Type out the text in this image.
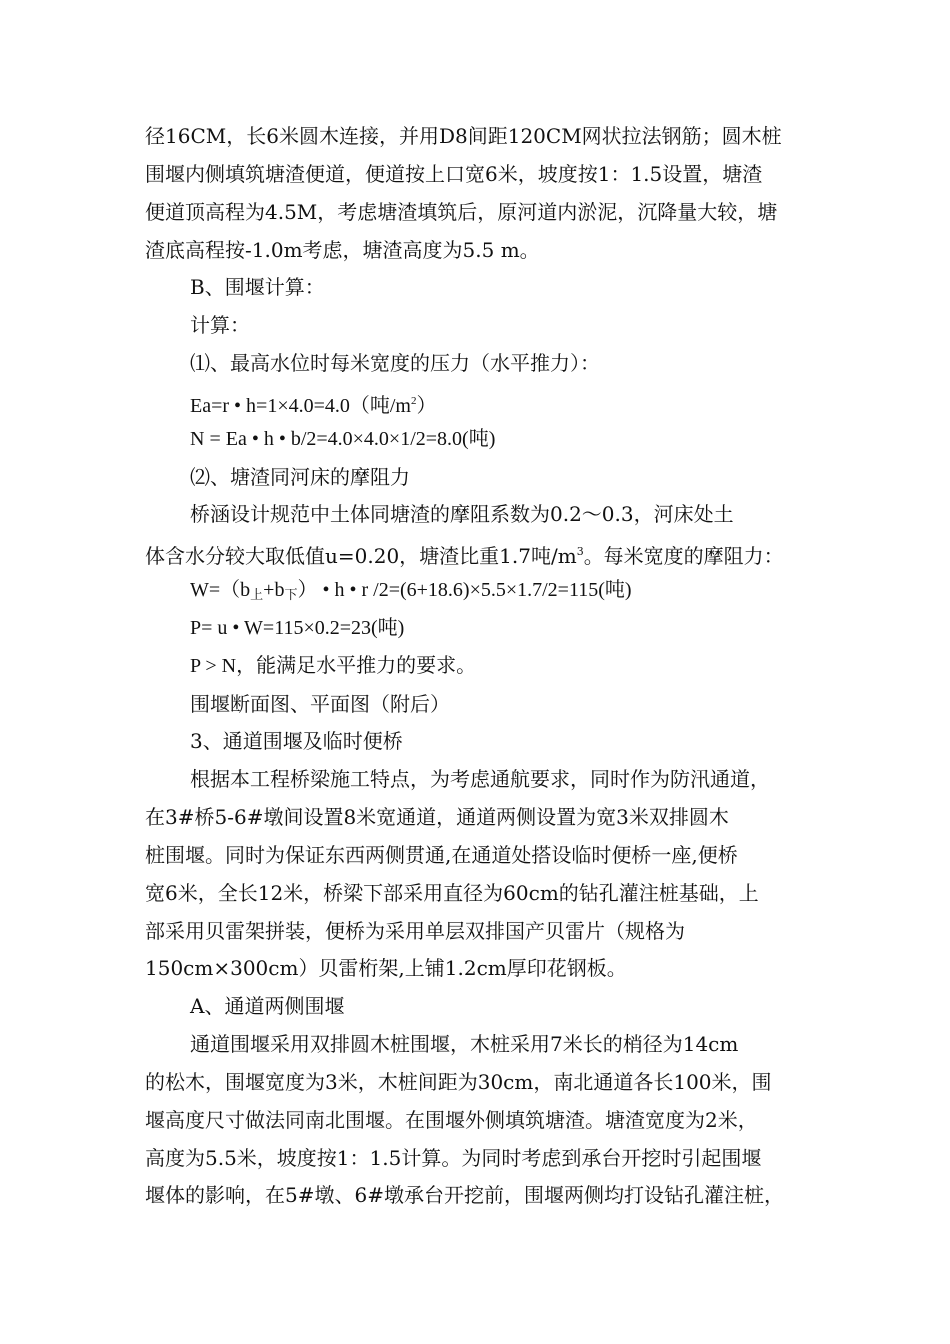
径16CM，长6米圆木连接，并用D8间距120CM网状拉法钢筋；圆木桩
围堰内侧填筑塘渣便道，便道按上口宽6米，坡度按1：1.5设置，塘渣
便道顶高程为4.5M，考虑塘渣填筑后，原河道内淤泥，沉降量大较，塘
渣底高程按-1.0m考虑，塘渣高度为5.5 m。
B、围堰计算：
计算：
⑴、最高水位时每米宽度的压力（水平推力）：
Ea=r • h=1×4.0=4.0（吨$/m^2$）
N = Ea • h • b/2=4.0×4.0×1/2=8.0(吨)
⑵、塘渣同河床的摩阻力
桥涵设计规范中土体同塘渣的摩阻系数为0.2～0.3，河床处土
体含水分较大取低值u=0.20，塘渣比重1.7吨$/m^3$。每米宽度的摩阻力：
$W=(b_上+b_下)$ • h • r /2=(6+18.6)×5.5×1.7/2=115(吨)
P= u • W=115×0.2=23(吨)
P > N，能满足水平推力的要求。
围堰断面图、平面图（附后）
3、通道围堰及临时便桥
根据本工程桥梁施工特点，为考虑通航要求，同时作为防汛通道，
在3#桥5-6#墩间设置8米宽通道，通道两侧设置为宽3米双排圆木
桩围堰。同时为保证东西两侧贯通,在通道处搭设临时便桥一座,便桥
宽6米，全长12米，桥梁下部采用直径为60cm的钻孔灌注桩基础，上
部采用贝雷架拼装，便桥为采用单层双排国产贝雷片（规格为
150cm×300cm）贝雷桁架,上铺1.2cm厚印花钢板。
A、通道两侧围堰
通道围堰采用双排圆木桩围堰，木桩采用7米长的梢径为14cm
的松木，围堰宽度为3米，木桩间距为30cm，南北通道各长100米，围
堰高度尺寸做法同南北围堰。在围堰外侧填筑塘渣。塘渣宽度为2米，
高度为5.5米，坡度按1：1.5计算。为同时考虑到承台开挖时引起围堰
堰体的影响，在5#墩、6#墩承台开挖前，围堰两侧均打设钻孔灌注桩，
